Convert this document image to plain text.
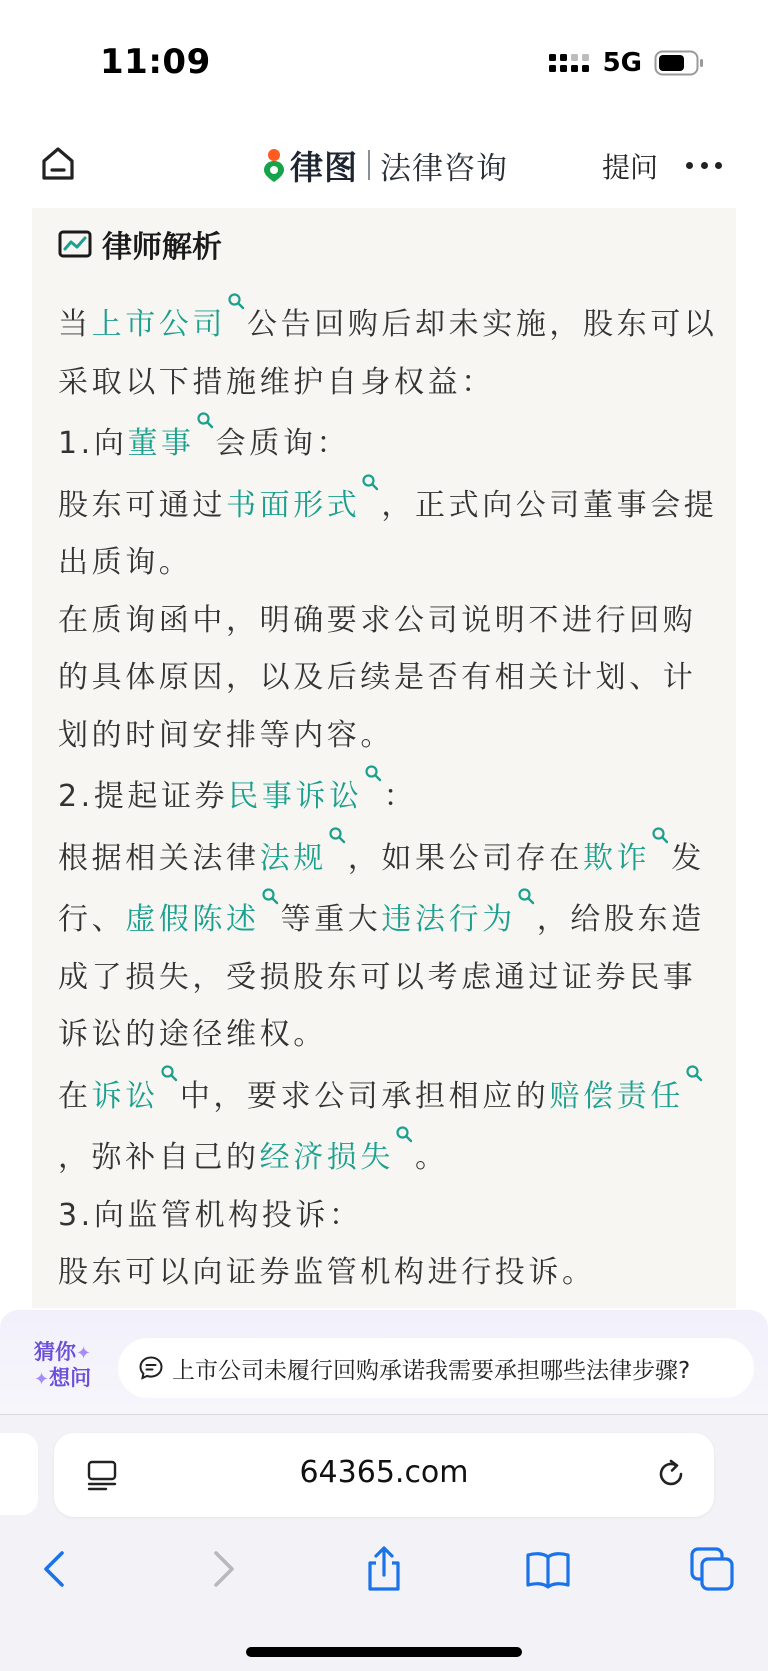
11:09	5G
律图 法律咨询	提问
律师解析

当上市公司 公告回购后却未实施，股东可以采取以下措施维护自身权益：

1.向董事 会质询：

股东可通过书面形式 ，正式向公司董事会提出质询。

在质询函中，明确要求公司说明不进行回购的具体原因，以及后续是否有相关计划、计划的时间安排等内容。

2.提起证券民事诉讼 ：

根据相关法律法规 ，如果公司存在欺诈 发行、虚假陈述 等重大违法行为 ，给股东造成了损失，受损股东可以考虑通过证券民事诉讼的途径维权。

在诉讼 中，要求公司承担相应的赔偿责任，弥补自己的经济损失 。

3.向监管机构投诉：

股东可以向证券监管机构进行投诉。

猜你✦
✦想问	上市公司未履行回购承诺我需要承担哪些法律步骤?
64365.com
